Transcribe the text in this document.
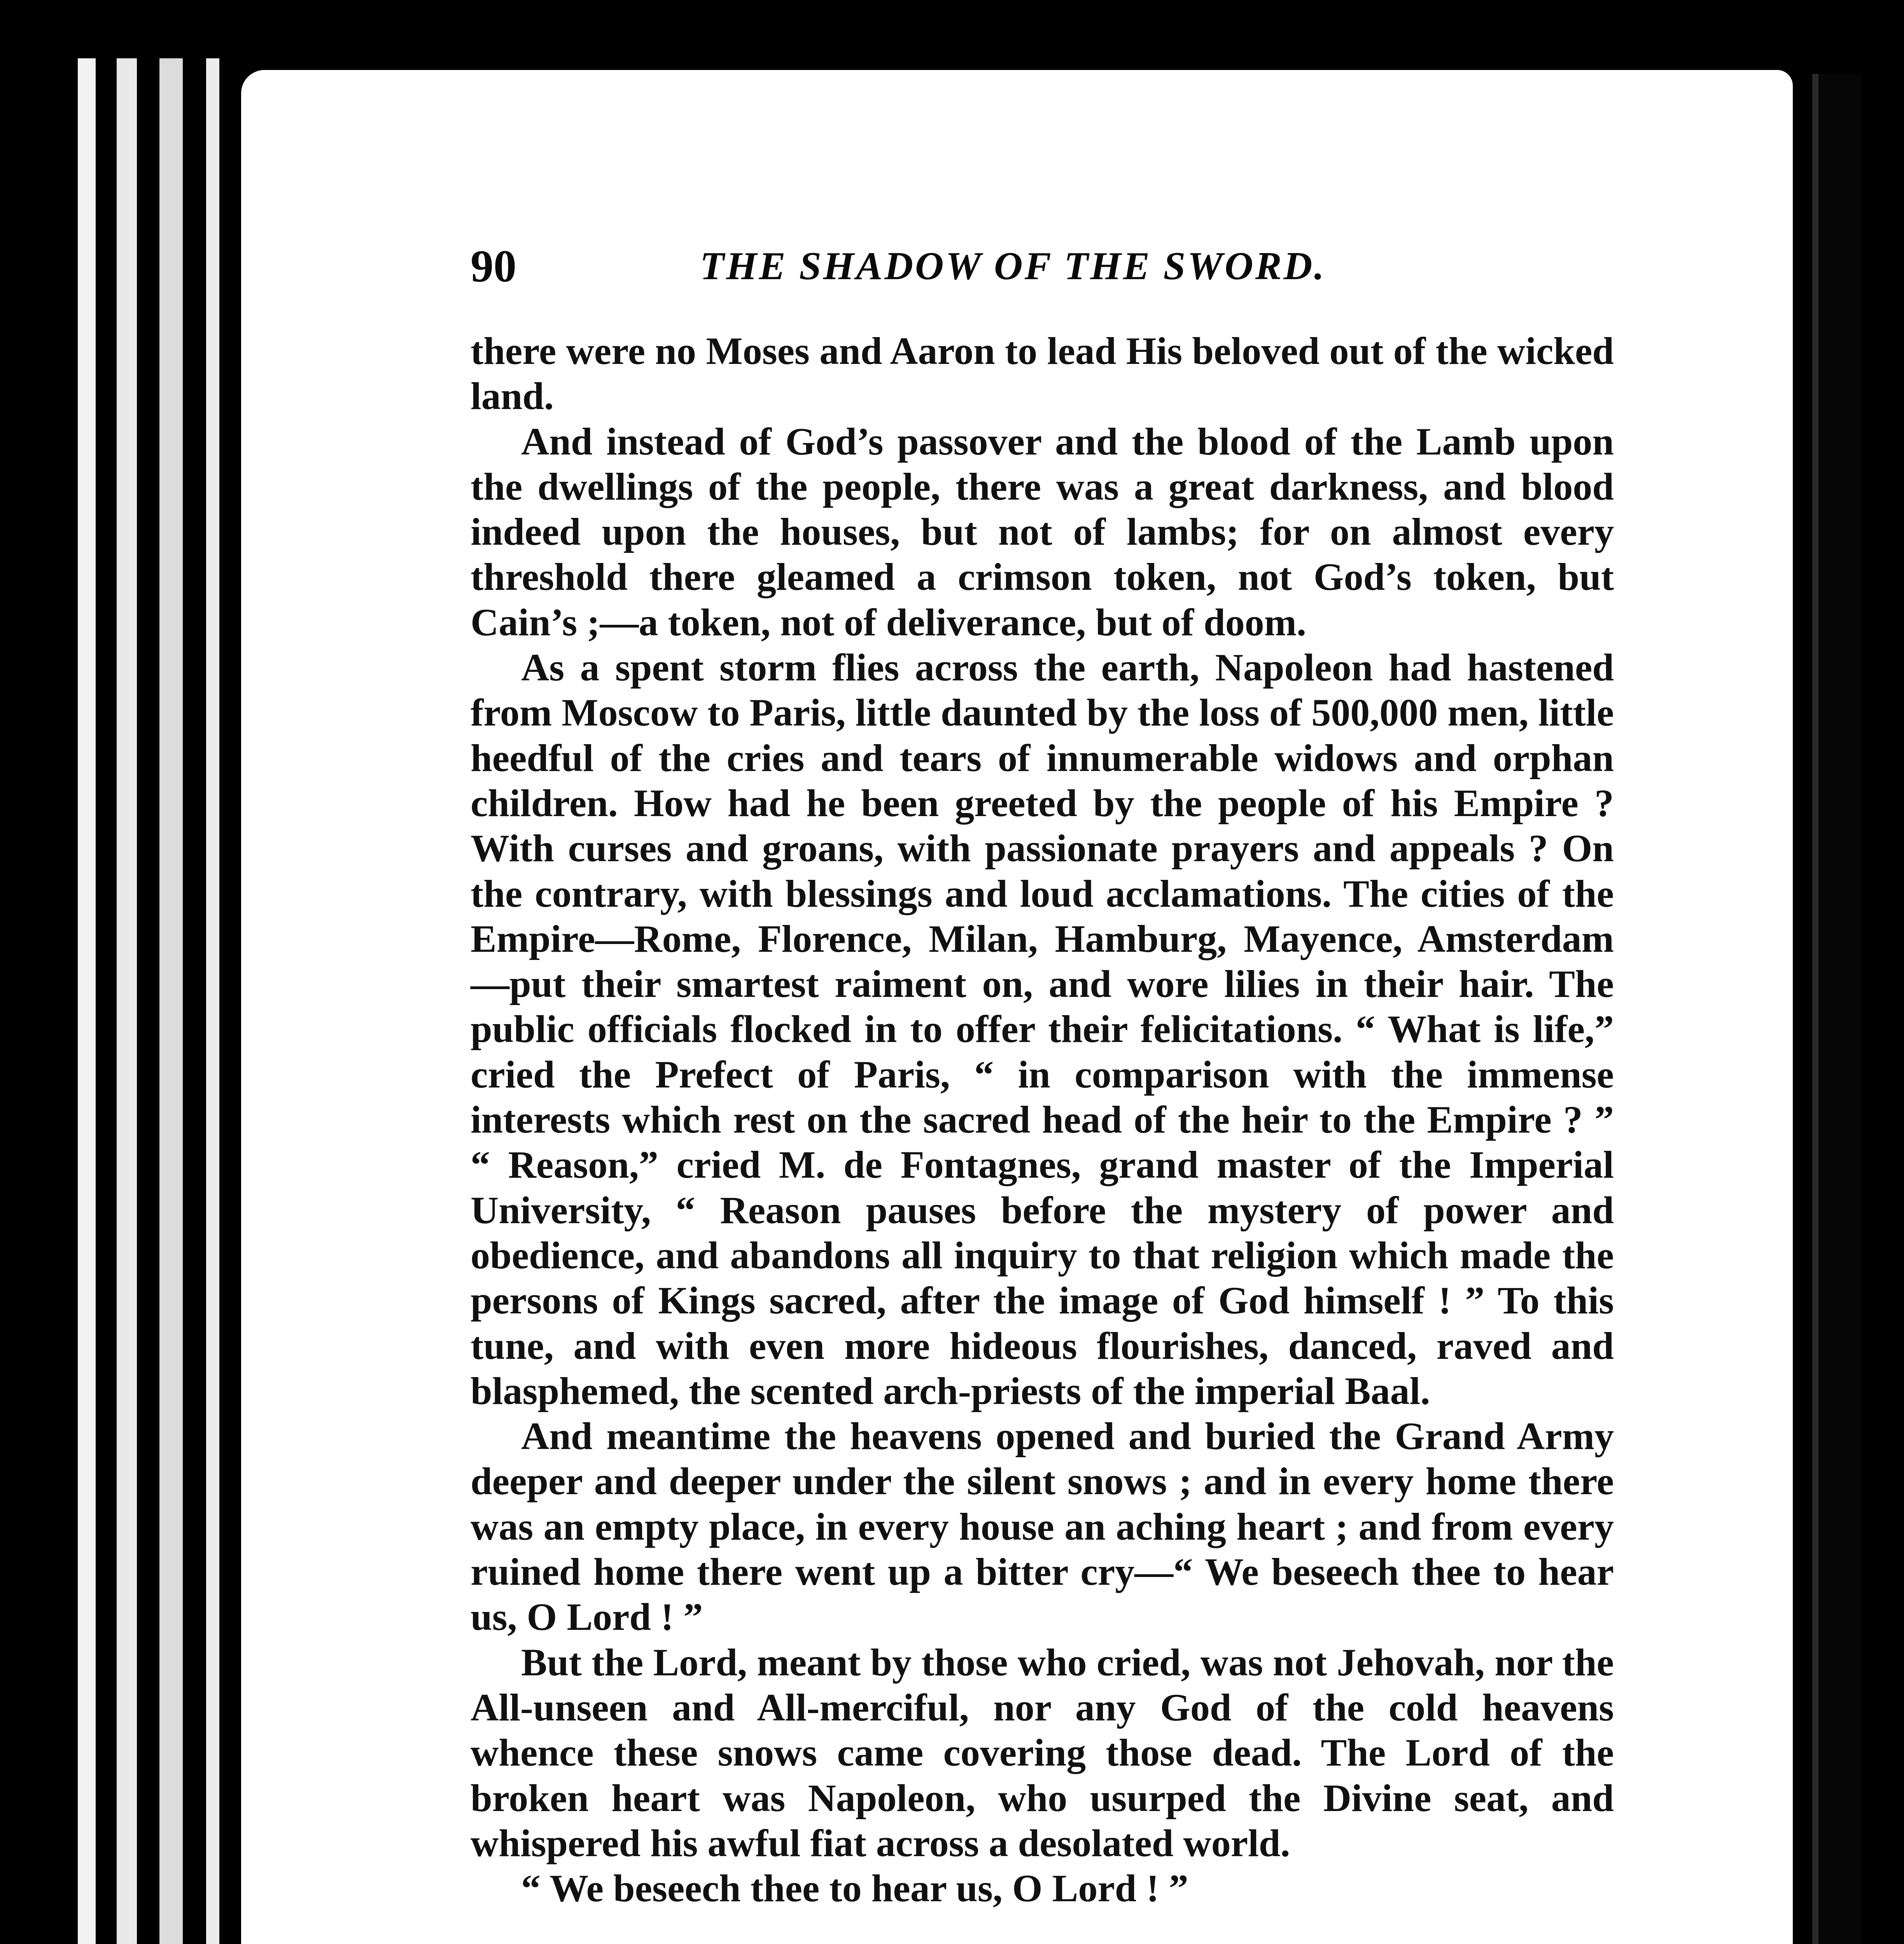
90	THE SHADOW OF THE SWORD.

there were no Moses and Aaron to lead His beloved out of the wicked land.

And instead of God’s passover and the blood of the Lamb upon the dwellings of the people, there was a great darkness, and blood indeed upon the houses, but not of lambs; for on almost every threshold there gleamed a crimson token, not God’s token, but Cain’s ;—a token, not of deliverance, but of doom.

As a spent storm flies across the earth, Napoleon had hastened from Moscow to Paris, little daunted by the loss of 500,000 men, little heedful of the cries and tears of innumerable widows and orphan children. How had he been greeted by the people of his Empire ? With curses and groans, with passionate prayers and appeals ? On the contrary, with blessings and loud acclamations. The cities of the Empire—Rome, Florence, Milan, Hamburg, Mayence, Amsterdam—put their smartest raiment on, and wore lilies in their hair. The public officials flocked in to offer their felicitations. “ What is life,” cried the Prefect of Paris, “ in comparison with the immense interests which rest on the sacred head of the heir to the Empire ? ” “ Reason,” cried M. de Fontagnes, grand master of the Imperial University, “ Reason pauses before the mystery of power and obedience, and abandons all inquiry to that religion which made the persons of Kings sacred, after the image of God himself ! ” To this tune, and with even more hideous flourishes, danced, raved and blasphemed, the scented arch-priests of the imperial Baal.

And meantime the heavens opened and buried the Grand Army deeper and deeper under the silent snows ; and in every home there was an empty place, in every house an aching heart ; and from every ruined home there went up a bitter cry—“ We beseech thee to hear us, O Lord ! ”

But the Lord, meant by those who cried, was not Jehovah, nor the All-unseen and All-merciful, nor any God of the cold heavens whence these snows came covering those dead. The Lord of the broken heart was Napoleon, who usurped the Divine seat, and whispered his awful fiat across a desolated world.

“ We beseech thee to hear us, O Lord ! ”
